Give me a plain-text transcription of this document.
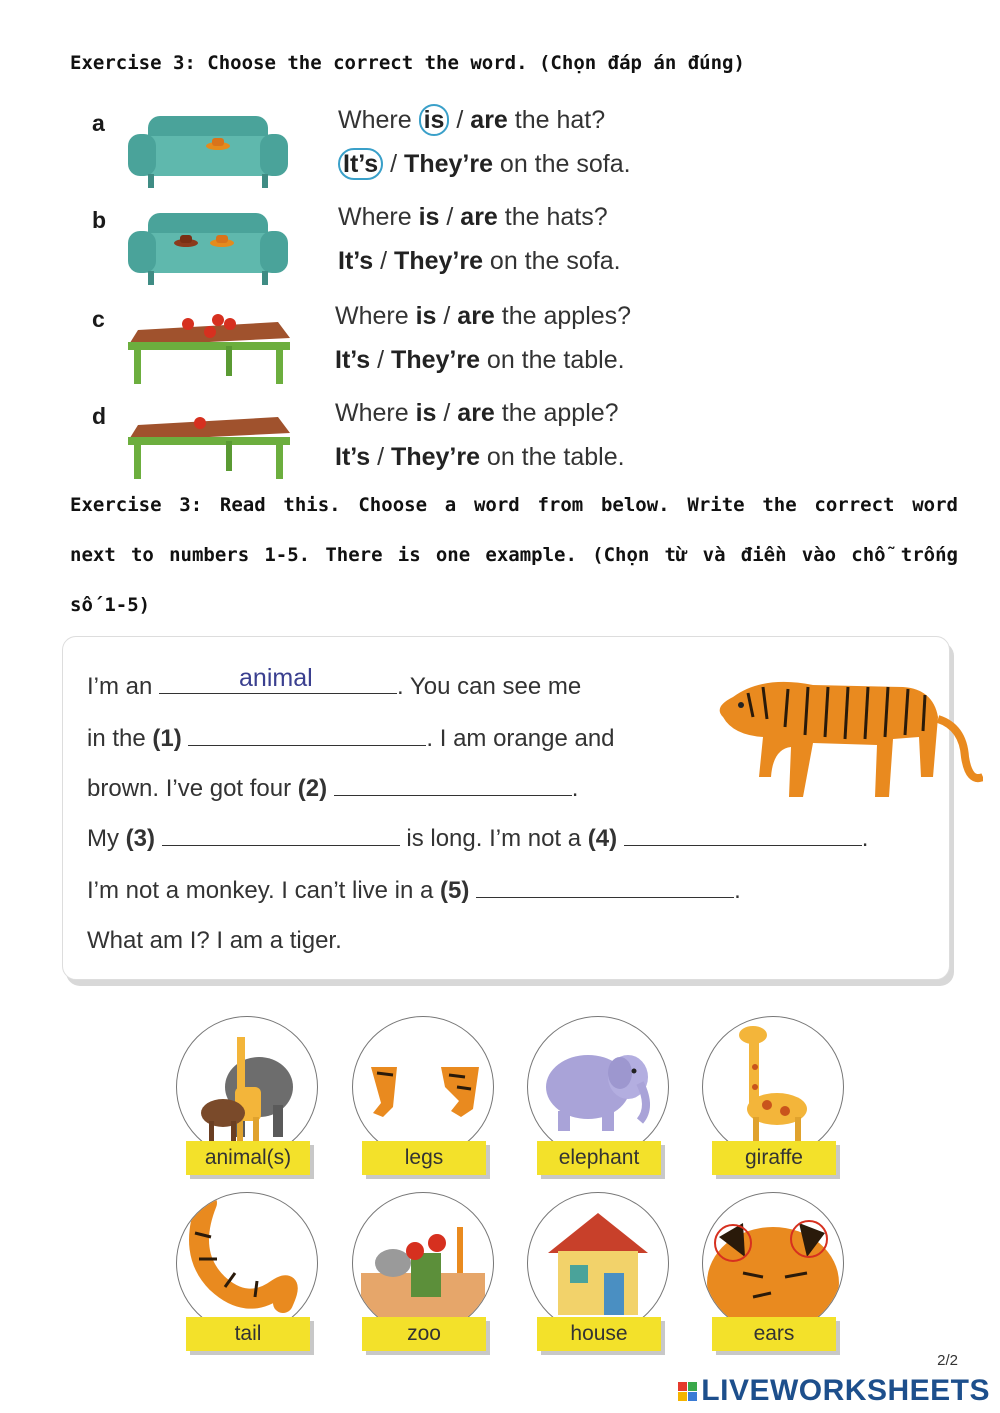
Exercise 3: Choose the correct the word. (Chọn đáp án đúng)
a	Where is / are the hat?
It’s / They’re on the sofa.
b	Where is / are the hats?
It’s / They’re on the sofa.
c	Where is / are the apples?
It’s / They’re on the table.
d	Where is / are the apple?
It’s / They’re on the table.
Exercise 3: Read this. Choose a word from below. Write the correct word
next to numbers 1-5. There is one example. (Chọn từ và điền vào chỗ trống
số 1-5)
I’m an	animal	. You can see me
in the (1)	. I am orange and
brown. I’ve got four (2)	.
My (3)	is long. I’m not a (4)	.
I’m not a monkey. I can’t live in a (5)	.
What am I? I am a tiger.
animal(s)	legs	elephant	giraffe
tail	zoo	house	ears
2/2
LIVEWORKSHEETS
